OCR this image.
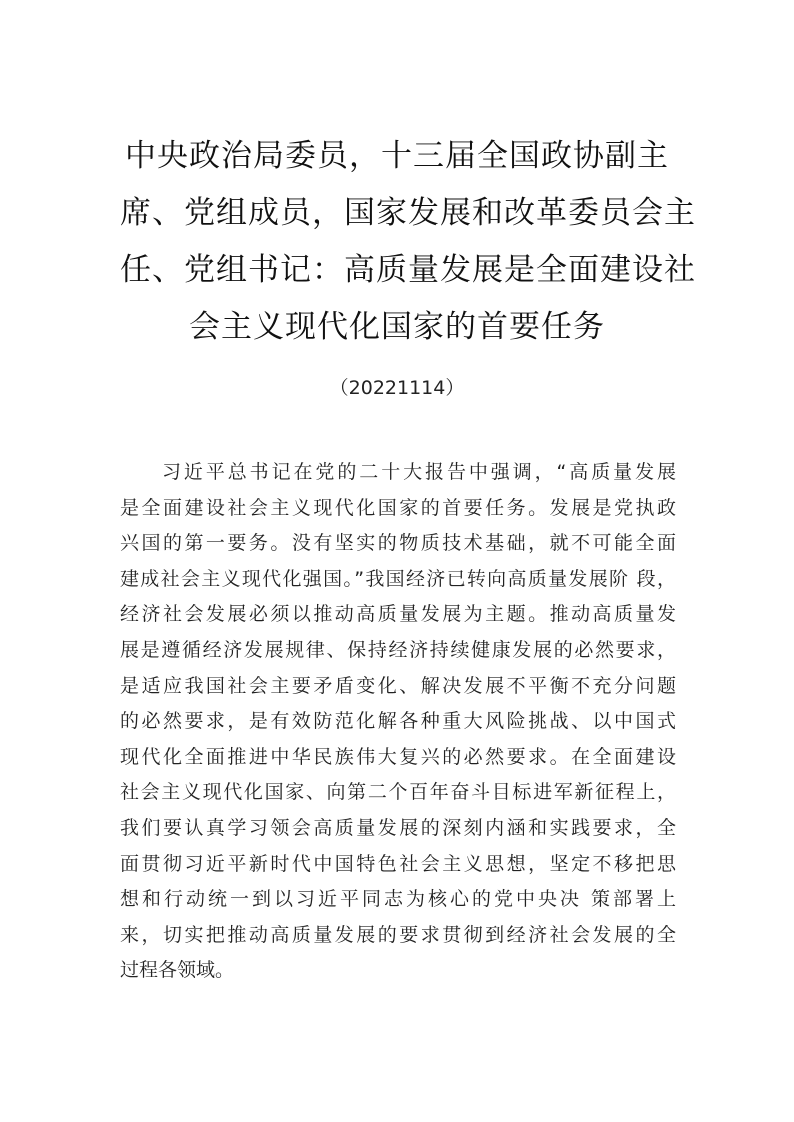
中央政治局委员，十三届全国政协副主
席、党组成员，国家发展和改革委员会主
任、党组书记：高质量发展是全面建设社
会主义现代化国家的首要任务
（20221114）
习近平总书记在党的二十大报告中强调，“高质量发展
是全面建设社会主义现代化国家的首要任务。发展是党执政
兴国的第一要务。没有坚实的物质技术基础，就不可能全面
建成社会主义现代化强国。”我国经济已转向高质量发展阶 段，
经济社会发展必须以推动高质量发展为主题。推动高质量发
展是遵循经济发展规律、保持经济持续健康发展的必然要求，
是适应我国社会主要矛盾变化、解决发展不平衡不充分问题
的必然要求，是有效防范化解各种重大风险挑战、以中国式
现代化全面推进中华民族伟大复兴的必然要求。在全面建设
社会主义现代化国家、向第二个百年奋斗目标进军新征程上，
我们要认真学习领会高质量发展的深刻内涵和实践要求，全
面贯彻习近平新时代中国特色社会主义思想，坚定不移把思
想和行动统一到以习近平同志为核心的党中央决 策部署上
来，切实把推动高质量发展的要求贯彻到经济社会发展的全
过程各领域。
